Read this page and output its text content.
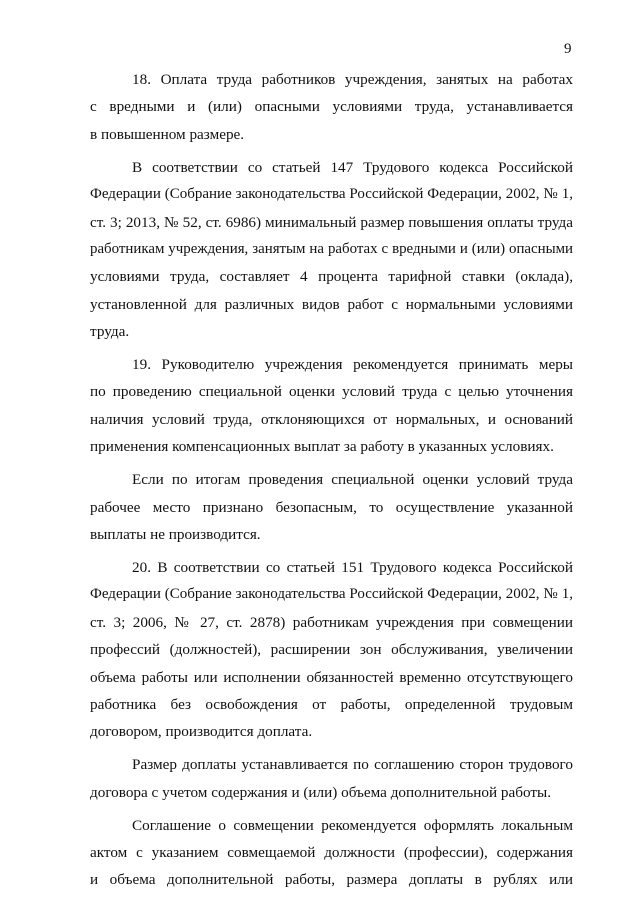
9
18. Оплата труда работников учреждения, занятых на работах
с вредными и (или) опасными условиями труда, устанавливается
в повышенном размере.
В соответствии со статьей 147 Трудового кодекса Российской
Федерации (Собрание законодательства Российской Федерации, 2002, № 1,
ст. 3; 2013, № 52, ст. 6986) минимальный размер повышения оплаты труда
работникам учреждения, занятым на работах с вредными и (или) опасными
условиями труда, составляет 4 процента тарифной ставки (оклада),
установленной для различных видов работ с нормальными условиями
труда.
19. Руководителю учреждения рекомендуется принимать меры
по проведению специальной оценки условий труда с целью уточнения
наличия условий труда, отклоняющихся от нормальных, и оснований
применения компенсационных выплат за работу в указанных условиях.
Если по итогам проведения специальной оценки условий труда
рабочее место признано безопасным, то осуществление указанной
выплаты не производится.
20. В соответствии со статьей 151 Трудового кодекса Российской
Федерации (Собрание законодательства Российской Федерации, 2002, № 1,
ст. 3; 2006, № 27, ст. 2878) работникам учреждения при совмещении
профессий (должностей), расширении зон обслуживания, увеличении
объема работы или исполнении обязанностей временно отсутствующего
работника без освобождения от работы, определенной трудовым
договором, производится доплата.
Размер доплаты устанавливается по соглашению сторон трудового
договора с учетом содержания и (или) объема дополнительной работы.
Соглашение о совмещении рекомендуется оформлять локальным
актом с указанием совмещаемой должности (профессии), содержания
и объема дополнительной работы, размера доплаты в рублях или
